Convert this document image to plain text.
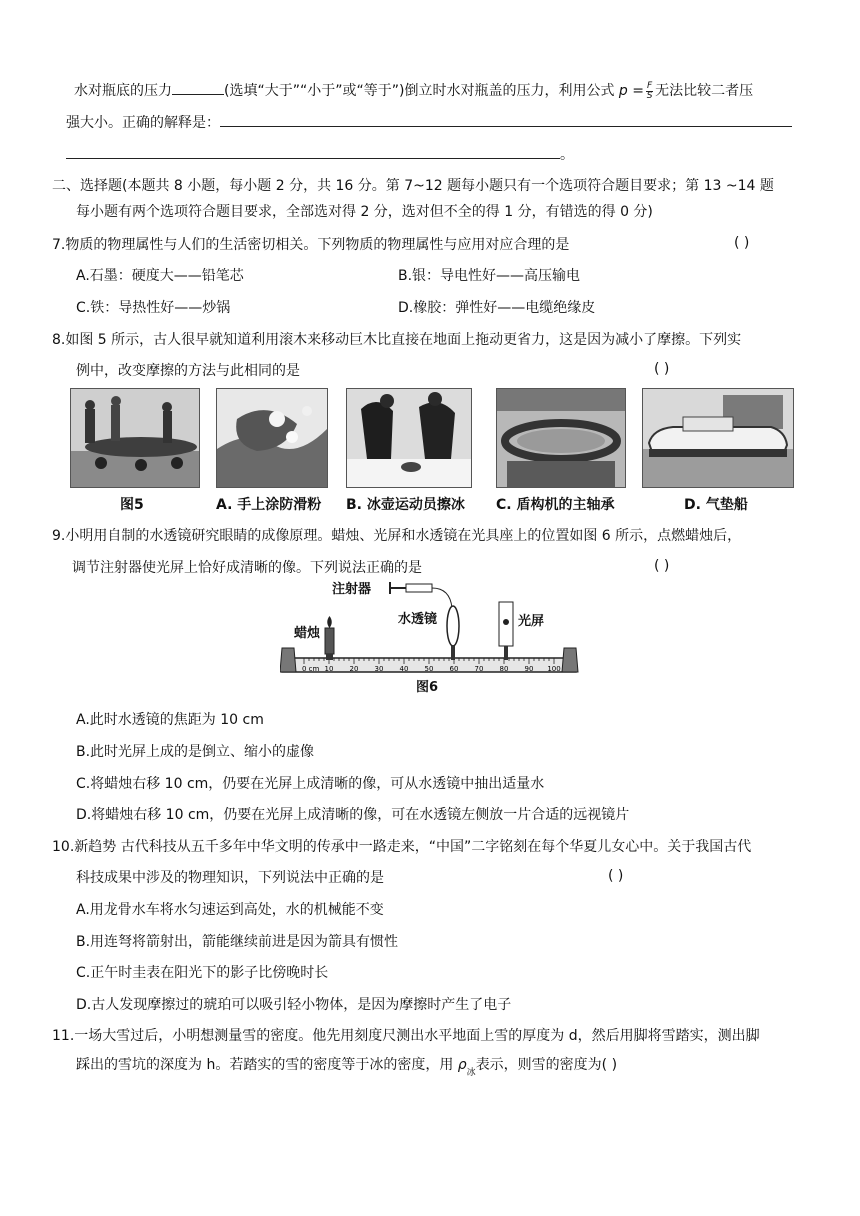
水对瓶底的压力	(选填“大于”“小于”或“等于”)倒立时水对瓶盖的压力，利用公式 $p = \frac{F}{S}$ 无法比较二者压
强大小。正确的解释是：
。
二、选择题(本题共 8 小题，每小题 2 分，共 16 分。第 7~12 题每小题只有一个选项符合题目要求；第 13 ~14 题
每小题有两个选项符合题目要求，全部选对得 2 分，选对但不全的得 1 分，有错选的得 0 分)
7.物质的物理属性与人们的生活密切相关。下列物质的物理属性与应用对应合理的是	( )
A.石墨：硬度大——铅笔芯	B.银：导电性好——高压输电
C.铁：导热性好——炒锅	D.橡胶：弹性好——电缆绝缘皮
8.如图 5 所示，古人很早就知道利用滚木来移动巨木比直接在地面上拖动更省力，这是因为减小了摩擦。下列实
例中，改变摩擦的方法与此相同的是	( )
图5	A. 手上涂防滑粉 B. 冰壶运动员擦冰 C. 盾构机的主轴承	D. 气垫船
9.小明用自制的水透镜研究眼睛的成像原理。蜡烛、光屏和水透镜在光具座上的位置如图 6 所示，点燃蜡烛后，
调节注射器使光屏上恰好成清晰的像。下列说法正确的是	( )
0 cm 10 20 30 40 50 60 70 80 90 100
注射器
水透镜
蜡烛
光屏
图6
A.此时水透镜的焦距为 10 cm
B.此时光屏上成的是倒立、缩小的虚像
C.将蜡烛右移 10 cm，仍要在光屏上成清晰的像，可从水透镜中抽出适量水
D.将蜡烛右移 10 cm，仍要在光屏上成清晰的像，可在水透镜左侧放一片合适的远视镜片
10.新趋势 古代科技从五千多年中华文明的传承中一路走来，“中国”二字铭刻在每个华夏儿女心中。关于我国古代
科技成果中涉及的物理知识，下列说法中正确的是	( )
A.用龙骨水车将水匀速运到高处，水的机械能不变
B.用连弩将箭射出，箭能继续前进是因为箭具有惯性
C.正午时圭表在阳光下的影子比傍晚时长
D.古人发现摩擦过的琥珀可以吸引轻小物体，是因为摩擦时产生了电子
11.一场大雪过后，小明想测量雪的密度。他先用刻度尺测出水平地面上雪的厚度为 d，然后用脚将雪踏实，测出脚
踩出的雪坑的深度为 h。若踏实的雪的密度等于冰的密度，用 $\rho_冰$表示，则雪的密度为( )
